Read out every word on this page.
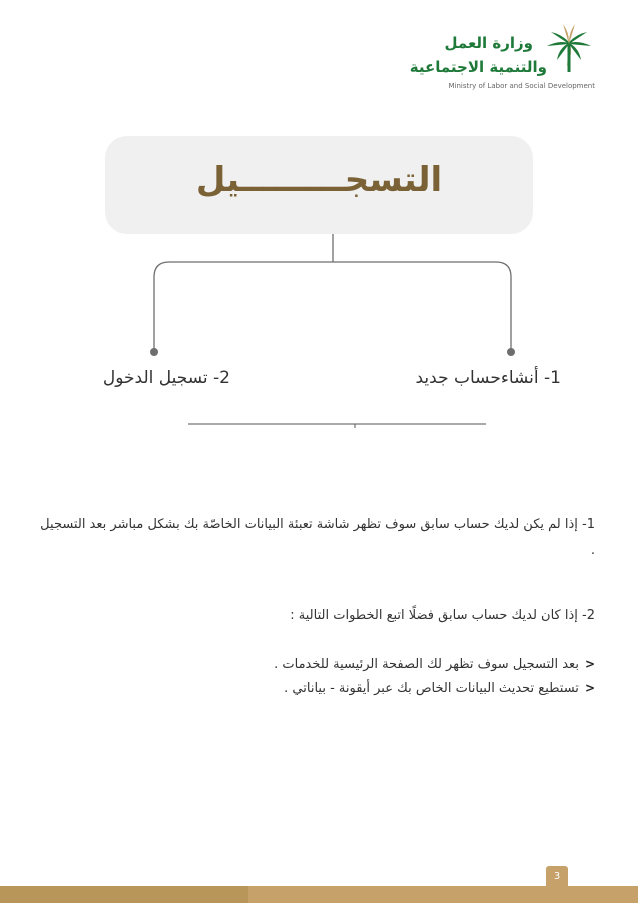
وزارة العمل
والتنمية الاجتماعية
Ministry of Labor and Social Development
التسجـــــــــيل
1- أنشاءحساب جديد
2- تسجيل الدخول
1- إذا لم يكن لديك حساب سابق سوف تظهر شاشة تعبئة البيانات الخاصّة بك بشكل مباشر بعد التسجيل .
2- إذا كان لديك حساب سابق فضلًا اتبع الخطوات التالية :
<
بعد التسجيل سوف تظهر لك الصفحة الرئيسية للخدمات .
<
تستطيع تحديث البيانات الخاص بك عبر أيقونة - بياناتي .
3
